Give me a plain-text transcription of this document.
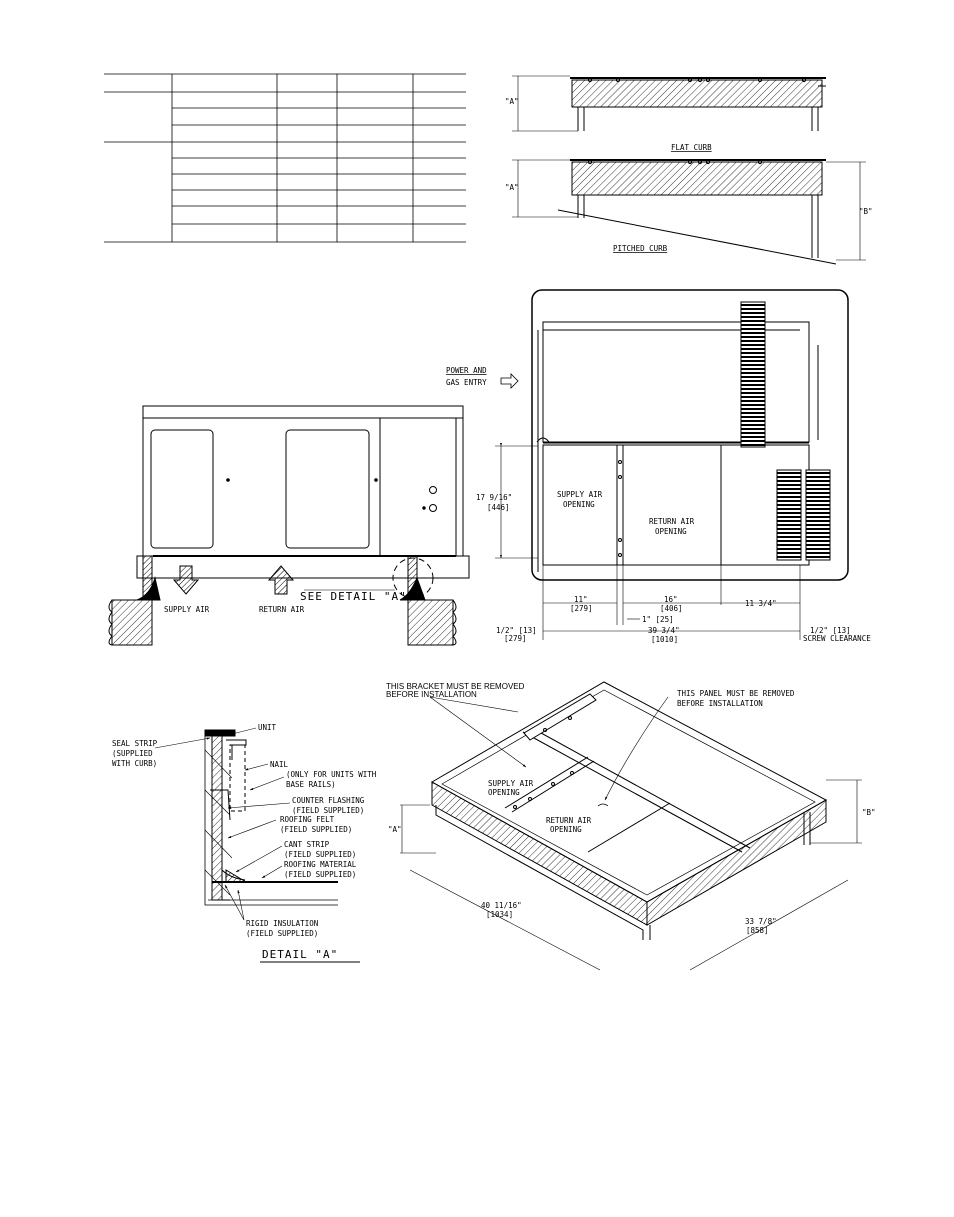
"A"
FLAT CURB
"A"
"B"
PITCHED CURB
SUPPLY AIR	RETURN AIR
SEE DETAIL "A"
POWER AND
GAS ENTRY
17 9/16"
[446]
SUPPLY AIR
OPENING
RETURN AIR
OPENING
11"
[279]
16"
[406]
11 3/4"
1" [25]
1/2" [13]
[279]
39 3/4"
[1010]
1/2" [13]
SCREW CLEARANCE
UNIT
SEAL STRIP
(SUPPLIED
WITH CURB)	NAIL
(ONLY FOR UNITS WITH
BASE RAILS)
COUNTER FLASHING
(FIELD SUPPLIED)
ROOFING FELT
(FIELD SUPPLIED)
CANT STRIP
(FIELD SUPPLIED)
ROOFING MATERIAL
(FIELD SUPPLIED)
RIGID INSULATION
(FIELD SUPPLIED)
DETAIL "A"
THIS BRACKET MUST BE REMOVED
BEFORE INSTALLATION	THIS PANEL MUST BE REMOVED
BEFORE INSTALLATION
SUPPLY AIR
OPENING
RETURN AIR
OPENING
"A"
"B"
40 11/16"
[1034]
33 7/8"
[858]
